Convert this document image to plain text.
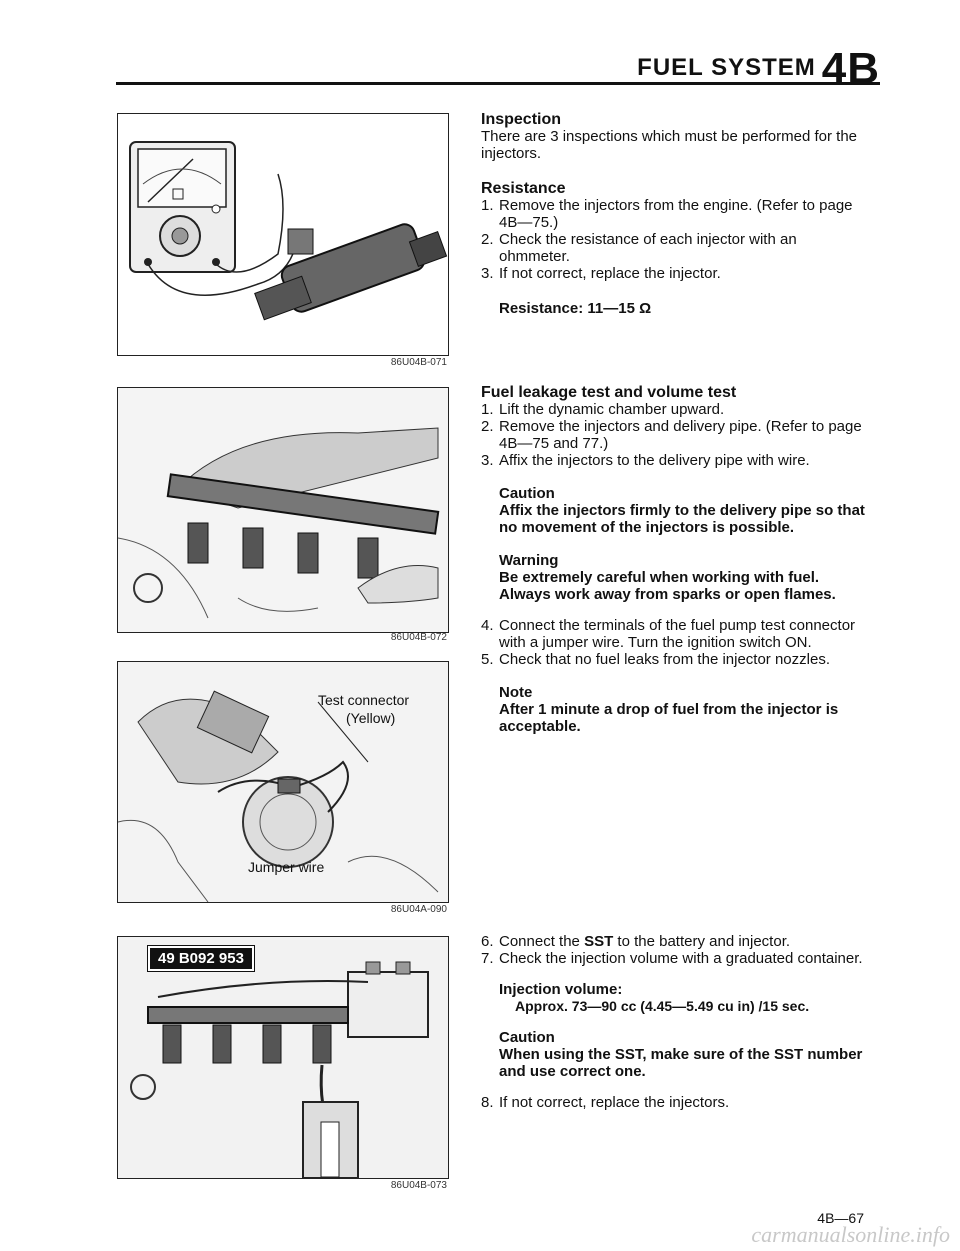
FUEL SYSTEM 4B
86U04B-071
86U04B-072
Test connector
(Yellow)
Jumper wire
86U04A-090
49 B092 953
86U04B-073
Inspection

There are 3 inspections which must be performed for the injectors.

Resistance
1. Remove the injectors from the engine. (Refer to page 4B—75.)
2. Check the resistance of each injector with an ohmmeter.
3. If not correct, replace the injector.
Resistance: 11—15 Ω
Fuel leakage test and volume test
1. Lift the dynamic chamber upward.
2. Remove the injectors and delivery pipe. (Refer to page 4B—75 and 77.)
3. Affix the injectors to the delivery pipe with wire.
Caution
Affix the injectors firmly to the delivery pipe so that no movement of the injectors is possible.
Warning
Be extremely careful when working with fuel. Always work away from sparks or open flames.
4. Connect the terminals of the fuel pump test connector with a jumper wire. Turn the ignition switch ON.
5. Check that no fuel leaks from the injector nozzles.
Note
After 1 minute a drop of fuel from the injector is acceptable.
6. Connect the SST to the battery and injector.
7. Check the injection volume with a graduated container.
Injection volume:
Approx. 73—90 cc (4.45—5.49 cu in) /15 sec.
Caution
When using the SST, make sure of the SST number and use correct one.
8. If not correct, replace the injectors.
4B—67
carmanualsonline.info
